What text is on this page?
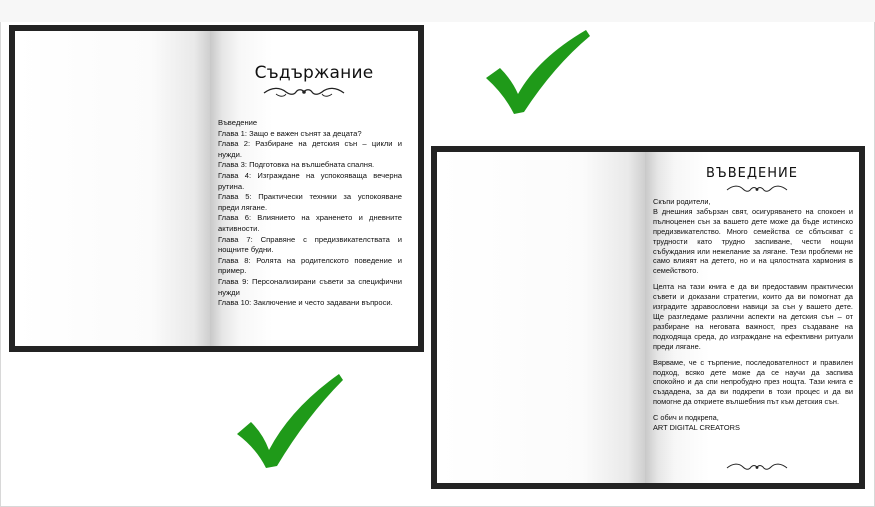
Съдържание
Въведение
Глава 1: Защо е важен сънят за децата?
Глава 2: Разбиране на детския сън – цикли и нужди.
Глава 3: Подготовка на вълшебната спалня.
Глава 4: Изграждане на успокояваща вечерна рутина.
Глава 5: Практически техники за успокояване преди лягане.
Глава 6: Влиянието на храненето и дневните активности.
Глава 7: Справяне с предизвикателствата и нощните будни.
Глава 8: Ролята на родителското поведение и пример.
Глава 9: Персонализирани съвети за специфични нужди
Глава 10: Заключение и често задавани въпроси.
ВЪВЕДЕНИЕ

Скъпи родители,
В днешния забързан свят, осигуряването на спокоен и пълноценен сън за вашето дете може да бъде истинско предизвикателство. Много семейства се сблъскват с трудности като трудно заспиване, чести нощни събуждания или нежелание за лягане. Тези проблеми не само влияят на детето, но и на цялостната хармония в семейството.

Целта на тази книга е да ви предоставим практически съвети и доказани стратегии, които да ви помогнат да изградите здравословни навици за сън у вашето дете. Ще разгледаме различни аспекти на детския сън – от разбиране на неговата важност, през създаване на подходяща среда, до изграждане на ефективни ритуали преди лягане.

Вярваме, че с търпение, последователност и правилен подход, всяко дете може да се научи да заспива спокойно и да спи непробудно през нощта. Тази книга е създадена, за да ви подкрепи в този процес и да ви помогне да откриете вълшебния път към детския сън.

С обич и подкрепа,
ART DIGITAL CREATORS
